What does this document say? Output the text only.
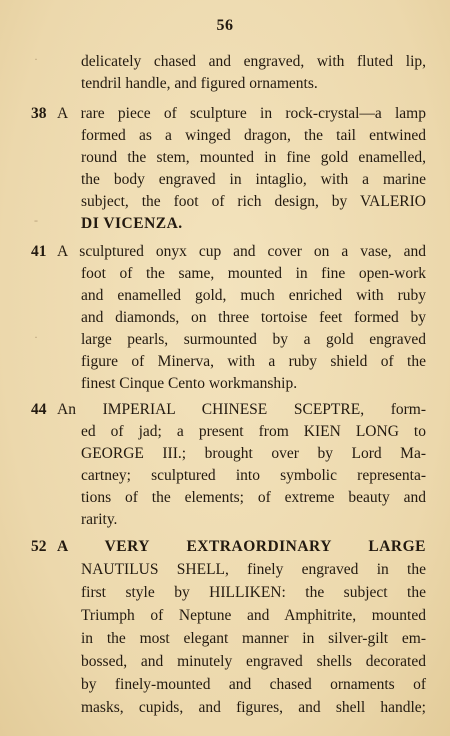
56
·
-
·
delicately chased and engraved, with fluted lip,
tendril handle, and figured ornaments.

38

A rare piece of sculpture in rock-crystal—a lamp

formed as a winged dragon, the tail entwined
round the stem, mounted in fine gold enamelled,
the body engraved in intaglio, with a marine
subject, the foot of rich design, by VALERIO
DI VICENZA.

41

A sculptured onyx cup and cover on a vase, and

foot of the same, mounted in fine open-work
and enamelled gold, much enriched with ruby
and diamonds, on three tortoise feet formed by
large pearls, surmounted by a gold engraved
figure of Minerva, with a ruby shield of the
finest Cinque Cento workmanship.

44

An IMPERIAL CHINESE SCEPTRE, form-

ed of jad; a present from KIEN LONG to
GEORGE III.; brought over by Lord Ma-
cartney; sculptured into symbolic representa-
tions of the elements; of extreme beauty and
rarity.

52

A VERY EXTRAORDINARY LARGE

NAUTILUS SHELL, finely engraved in the
first style by HILLIKEN: the subject the
Triumph of Neptune and Amphitrite, mounted
in the most elegant manner in silver-gilt em-
bossed, and minutely engraved shells decorated
by finely-mounted and chased ornaments of
masks, cupids, and figures, and shell handle;
